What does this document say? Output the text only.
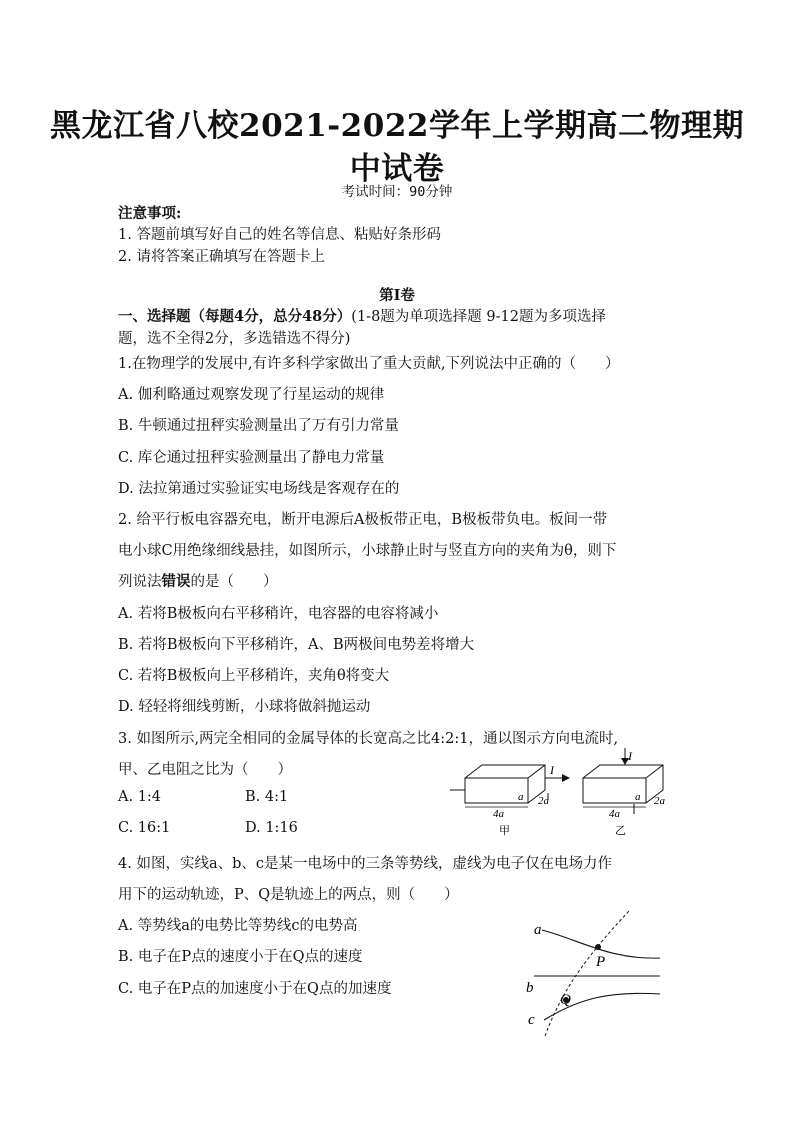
黑龙江省八校2021-2022学年上学期高二物理期
中试卷
考试时间：90分钟
注意事项:
1. 答题前填写好自己的姓名等信息、粘贴好条形码
2. 请将答案正确填写在答题卡上
第I卷
一、选择题（每题4分，总分48分）(1-8题为单项选择题 9-12题为多项选择
题，选不全得2分，多选错选不得分)
1.在物理学的发展中,有许多科学家做出了重大贡献,下列说法中正确的（　　）
A. 伽利略通过观察发现了行星运动的规律
B. 牛顿通过扭秤实验测量出了万有引力常量
C. 库仑通过扭秤实验测量出了静电力常量
D. 法拉第通过实验证实电场线是客观存在的
2. 给平行板电容器充电，断开电源后A极板带正电，B极板带负电。板间一带
电小球C用绝缘细线悬挂，如图所示，小球静止时与竖直方向的夹角为θ，则下
列说法错误的是（　　）
A. 若将B极板向右平移稍许，电容器的电容将减小
B. 若将B极板向下平移稍许，A、B两极间电势差将增大
C. 若将B极板向上平移稍许，夹角θ将变大
D. 轻轻将细线剪断，小球将做斜抛运动
3. 如图所示,两完全相同的金属导体的长宽高之比4:2:1，通以图示方向电流时,
甲、乙电阻之比为（　　）
A. 1:4	B. 4:1
C. 16:1	D. 1:16
I
a 2a
4a
甲
I
a 2a
4a
乙
4. 如图，实线a、b、c是某一电场中的三条等势线，虚线为电子仅在电场力作
用下的运动轨迹，P、Q是轨迹上的两点，则（　　）
A. 等势线a的电势比等势线c的电势高
B. 电子在P点的速度小于在Q点的速度
C. 电子在P点的加速度小于在Q点的加速度
a
b
c
P
Q
